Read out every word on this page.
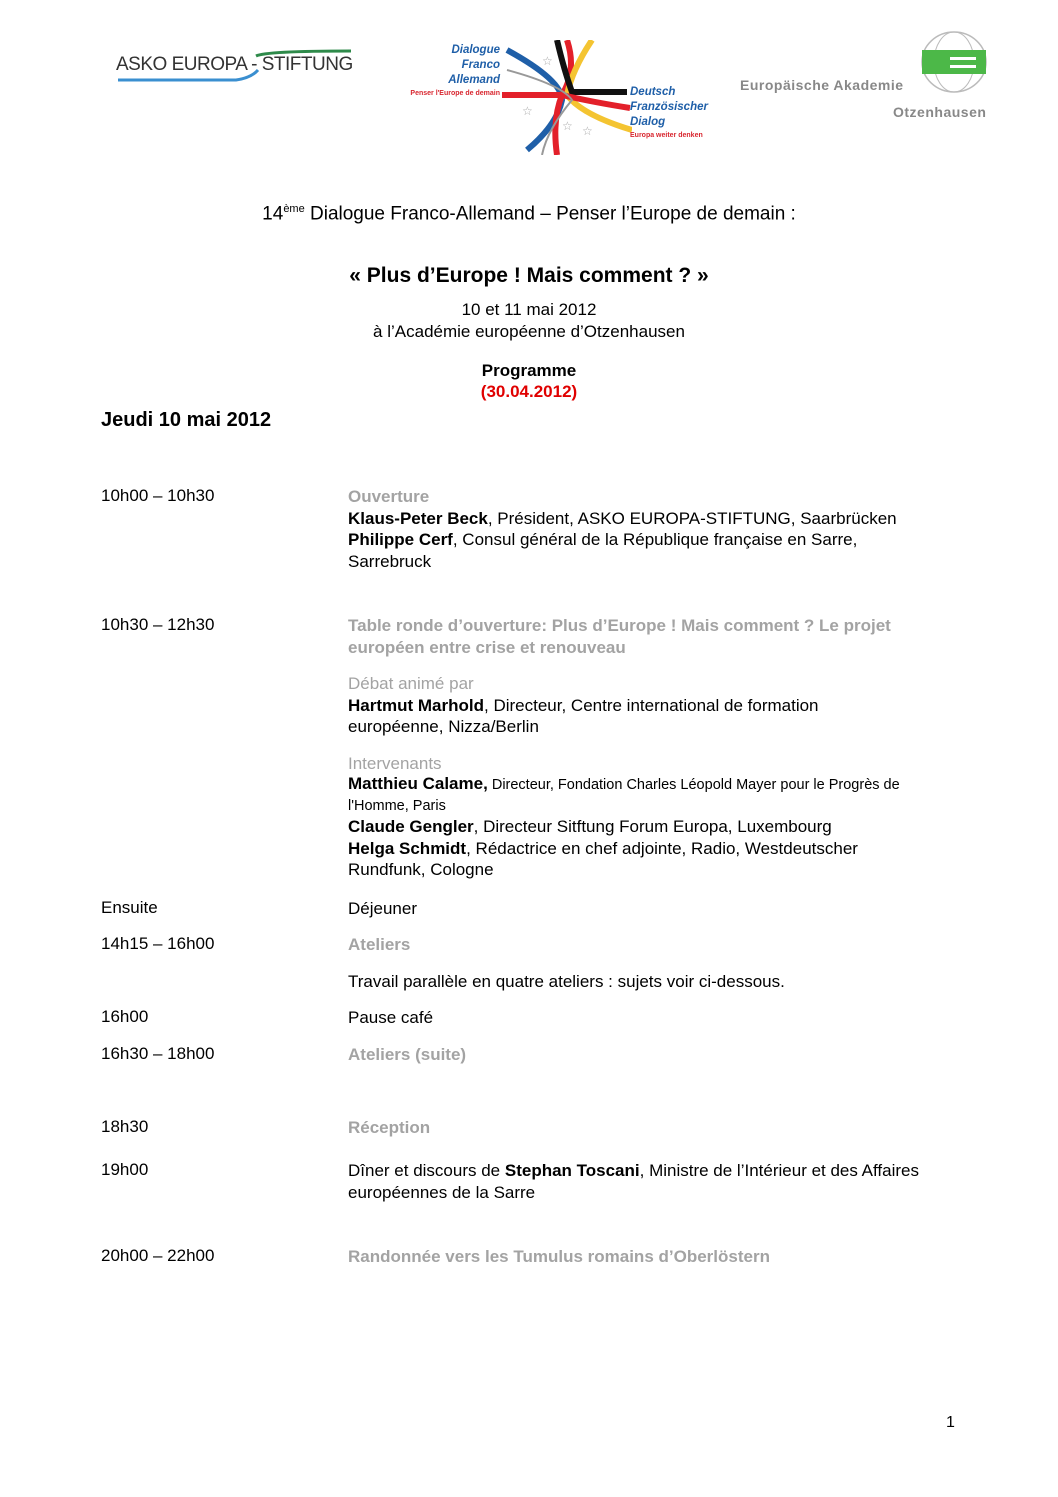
ASKO EUROPA - STIFTUNG
Dialogue
Franco
Allemand
Penser l'Europe de demain
☆
☆
☆
☆
Deutsch
Französischer
Dialog
Europa weiter denken
Europäische Akademie
Otzenhausen
14ème Dialogue Franco-Allemand – Penser l’Europe de demain :
« Plus d’Europe ! Mais comment ? »
10 et 11 mai 2012
à l’Académie européenne d’Otzenhausen
Programme
(30.04.2012)
Jeudi 10 mai 2012
10h00 – 10h30	Ouverture
Klaus-Peter Beck, Président, ASKO EUROPA-STIFTUNG, Saarbrücken
Philippe Cerf, Consul général de la République française en Sarre, Sarrebruck
10h30 – 12h30	Table ronde d’ouverture: Plus d’Europe ! Mais comment ? Le projet européen entre crise et renouveau
Débat animé par
Hartmut Marhold, Directeur, Centre international de formation européenne, Nizza/Berlin
Intervenants
Matthieu Calame, Directeur, Fondation Charles Léopold Mayer pour le Progrès de l'Homme, Paris
Claude Gengler, Directeur Sitftung Forum Europa, Luxembourg
Helga Schmidt, Rédactrice en chef adjointe, Radio, Westdeutscher Rundfunk, Cologne
Ensuite	Déjeuner
14h15 – 16h00	Ateliers
Travail parallèle en quatre ateliers : sujets voir ci-dessous.
16h00	Pause café
16h30 – 18h00	Ateliers (suite)
18h30	Réception
19h00	Dîner et discours de Stephan Toscani, Ministre de l’Intérieur et des Affaires européennes de la Sarre
20h00 – 22h00	Randonnée vers les Tumulus romains d’Oberlöstern
1
